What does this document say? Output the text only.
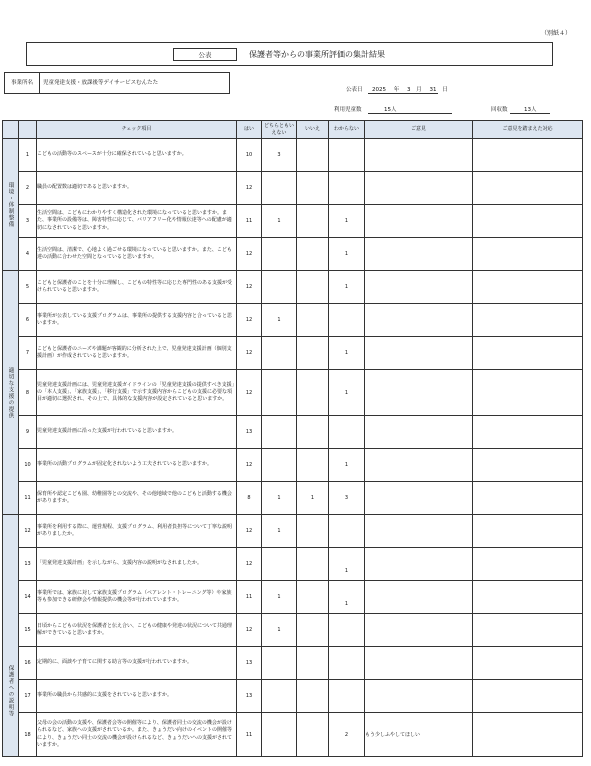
（別紙４）
公表	保護者等からの事業所評価の集計結果
事業所名	児童発達支援・放課後等デイサービスむんたた
公表日	2025 年 3 月 31 日
利用児童数	15人	回収数	13人
		チェック項目	はい	どちらともいえない	いいえ	わからない	ご意見	ご意見を踏まえた対応

環境・体制整備	1	こどもの活動等のスペースが十分に確保されていると思いますか。	10	3				
	2	職員の配置数は適切であると思いますか。	12					
	3	生活空間は、こどもにわかりやすく構造化された環境になっていると思いますか。また、事業所の設備等は、障害特性に応じて、バリアフリー化や情報伝達等への配慮が適切になされていると思いますか。	11	1		1		
	4	生活空間は、清潔で、心地よく過ごせる環境になっていると思いますか。また、こども達の活動に合わせた空間となっていると思いますか。	12			1		

適切な支援の提供	5	こどもと保護者のことを十分に理解し、こどもの特性等に応じた専門性のある支援が受けられていると思いますか。	12			1		
	6	事業所が公表している支援プログラムは、事業所の提供する支援内容と合っていると思いますか。	12	1				
	7	こどもと保護者のニーズや課題が客観的に分析された上で、児童発達支援計画（個別支援計画）が作成されていると思いますか。	12			1		
	8	児童発達支援計画には、児童発達支援ガイドラインの「児童発達支援の提供すべき支援」の「本人支援」、「家族支援」、「移行支援」で示す支援内容からこどもの支援に必要な項目が適切に選択され、その上で、具体的な支援内容が設定されていると思いますか。	12			1		
	9	児童発達支援計画に沿った支援が行われていると思いますか。	13					
	10	事業所の活動プログラムが固定化されないよう工夫されていると思いますか。	12			1		
	11	保育所や認定こども園、幼稚園等との交流や、その他地域で他のこどもと活動する機会がありますか。	8	1	1	3		

保護者への説明等	12	事業所を利用する際に、運営規程、支援プログラム、利用者負担等について丁寧な説明がありましたか。	12	1				
	13	「児童発達支援計画」を示しながら、支援内容の説明がなされましたか。	12			1		

	14	事業所では、家族に対して家族支援プログラム（ペアレント・トレーニング等）や家族等も参加できる研修会や情報提供の機会等が行われていますか。	11	1		1		

	15	日頃からこどもの状況を保護者と伝え合い、こどもの健康や発達の状況について共通理解ができていると思いますか。	12	1				
	16	定期的に、面談や子育てに関する助言等の支援が行われていますか。	13					
	17	事業所の職員から共感的に支援をされていると思いますか。	13					
	18	父母の会の活動の支援や、保護者会等の開催等により、保護者同士の交流の機会が設けられるなど、家族への支援がされているか。また、きょうだい向けのイベントの開催等により、きょうだい同士の交流の機会が設けられるなど、きょうだいへの支援がされていますか。	11			2	もう少しふやしてほしい	
